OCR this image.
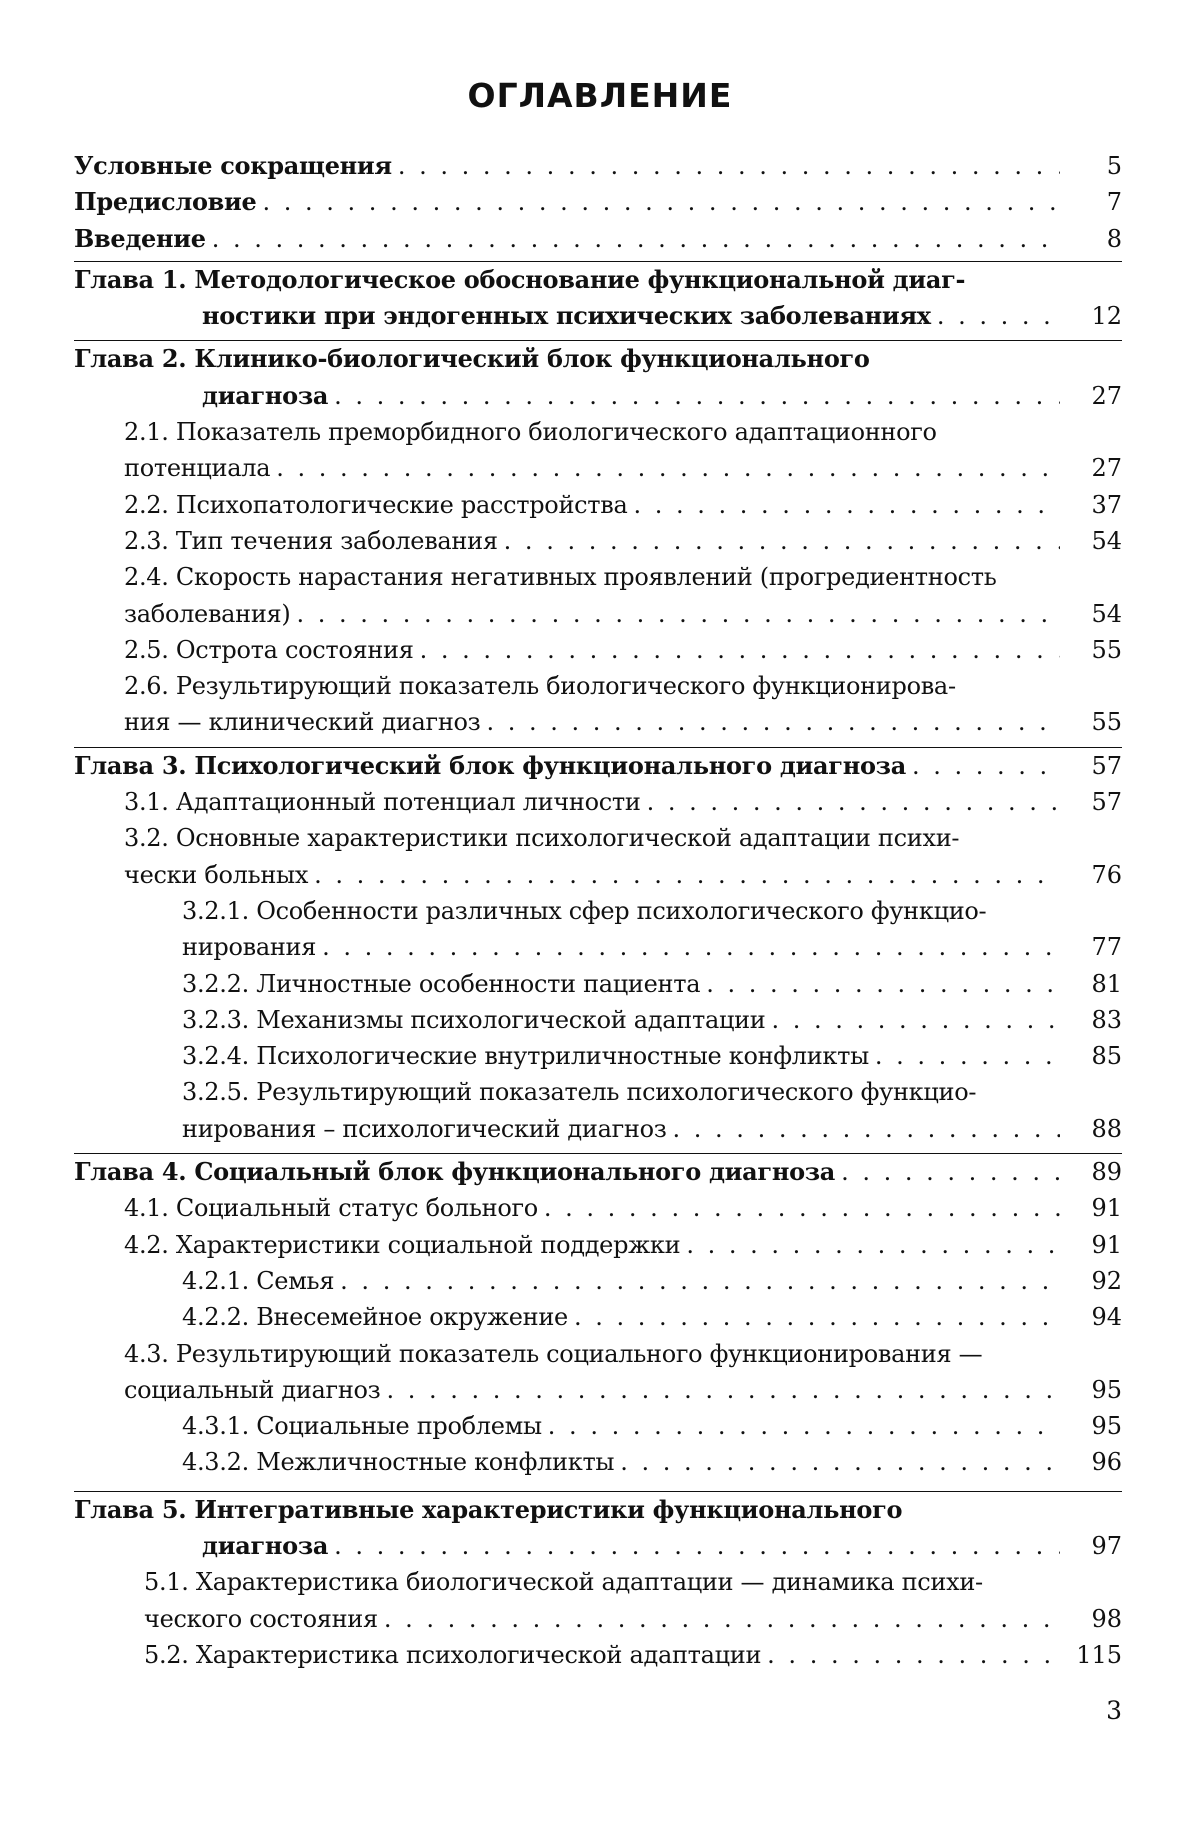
ОГЛАВЛЕНИЕ
Условные сокращения . . .	5
Предисловие . . .	7
Введение . . .	8
Глава 1. Методологическое обоснование функциональной диаг-
ностики при эндогенных психических заболеваниях . . .	12
Глава 2. Клинико-биологический блок функционального
диагноза . . .	27
2.1. Показатель преморбидного биологического адаптационного
потенциала . . .	27
2.2. Психопатологические расстройства . . .	37
2.3. Тип течения заболевания . . .	54
2.4. Скорость нарастания негативных проявлений (прогредиентность
заболевания) . . .	54
2.5. Острота состояния . . .	55
2.6. Результирующий показатель биологического функционирова-
ния — клинический диагноз . . .	55
Глава 3. Психологический блок функционального диагноза . . .	57
3.1. Адаптационный потенциал личности . . .	57
3.2. Основные характеристики психологической адаптации психи-
чески больных . . .	76
3.2.1. Особенности различных сфер психологического функцио-
нирования . . .	77
3.2.2. Личностные особенности пациента . . .	81
3.2.3. Механизмы психологической адаптации . . .	83
3.2.4. Психологические внутриличностные конфликты . . .	85
3.2.5. Результирующий показатель психологического функцио-
нирования – психологический диагноз . . .	88
Глава 4. Социальный блок функционального диагноза . . .	89
4.1. Социальный статус больного . . .	91
4.2. Характеристики социальной поддержки . . .	91
4.2.1. Семья . . .	92
4.2.2. Внесемейное окружение . . .	94
4.3. Результирующий показатель социального функционирования —
социальный диагноз . . .	95
4.3.1. Социальные проблемы . . .	95
4.3.2. Межличностные конфликты . . .	96
Глава 5. Интегративные характеристики функционального
диагноза . . .	97
5.1. Характеристика биологической адаптации — динамика психи-
ческого состояния . . .	98
5.2. Характеристика психологической адаптации . . .	115
3
